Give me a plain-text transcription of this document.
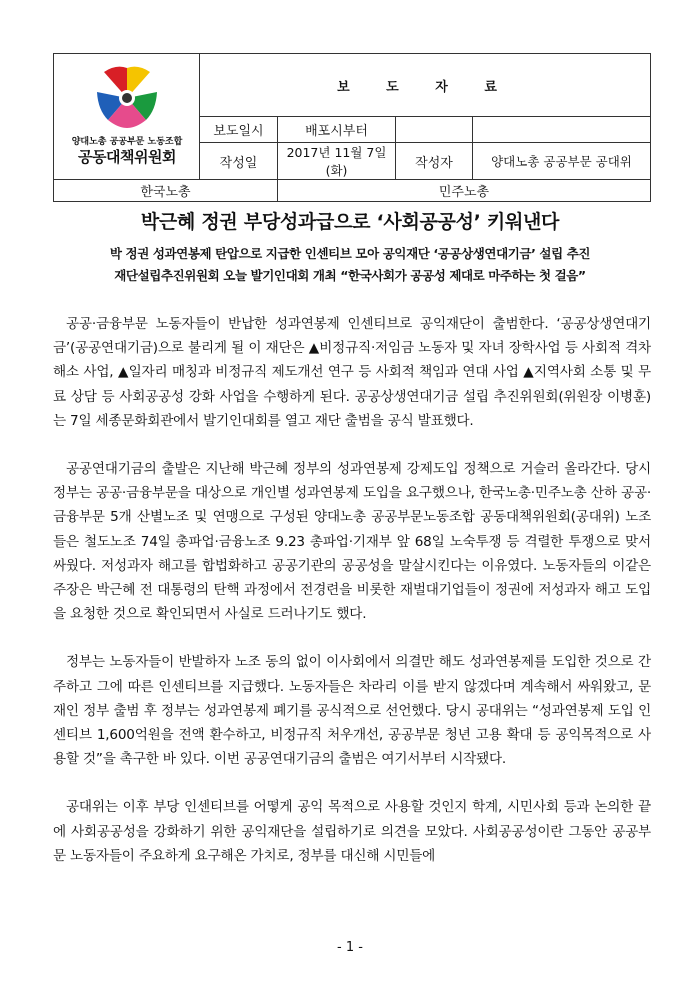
양대노총 공공부문 노동조합
공동대책위원회	보 도 자 료			
	보도일시	배포시부터		
	작성일	2017년 11월 7일(화)	작성자	양대노총 공공부문 공대위
한국노총		민주노총		
박근혜 정권 부당성과급으로 ‘사회공공성’ 키워낸다
박 정권 성과연봉제 탄압으로 지급한 인센티브 모아 공익재단 ‘공공상생연대기금’ 설립 추진
재단설립추진위원회 오늘 발기인대회 개최 “한국사회가 공공성 제대로 마주하는 첫 걸음”

공공·금융부문 노동자들이 반납한 성과연봉제 인센티브로 공익재단이 출범한다. ‘공공상생연대기금’(공공연대기금)으로 불리게 될 이 재단은 ▲비정규직·저임금 노동자 및 자녀 장학사업 등 사회적 격차 해소 사업, ▲일자리 매칭과 비정규직 제도개선 연구 등 사회적 책임과 연대 사업 ▲지역사회 소통 및 무료 상담 등 사회공공성 강화 사업을 수행하게 된다. 공공상생연대기금 설립 추진위원회(위원장 이병훈)는 7일 세종문화회관에서 발기인대회를 열고 재단 출범을 공식 발표했다.

공공연대기금의 출발은 지난해 박근혜 정부의 성과연봉제 강제도입 정책으로 거슬러 올라간다. 당시 정부는 공공·금융부문을 대상으로 개인별 성과연봉제 도입을 요구했으나, 한국노총·민주노총 산하 공공·금융부문 5개 산별노조 및 연맹으로 구성된 양대노총 공공부문노동조합 공동대책위원회(공대위) 노조들은 철도노조 74일 총파업·금융노조 9.23 총파업·기재부 앞 68일 노숙투쟁 등 격렬한 투쟁으로 맞서 싸웠다. 저성과자 해고를 합법화하고 공공기관의 공공성을 말살시킨다는 이유였다. 노동자들의 이같은 주장은 박근혜 전 대통령의 탄핵 과정에서 전경련을 비롯한 재벌대기업들이 정권에 저성과자 해고 도입을 요청한 것으로 확인되면서 사실로 드러나기도 했다.

정부는 노동자들이 반발하자 노조 동의 없이 이사회에서 의결만 해도 성과연봉제를 도입한 것으로 간주하고 그에 따른 인센티브를 지급했다. 노동자들은 차라리 이를 받지 않겠다며 계속해서 싸워왔고, 문재인 정부 출범 후 정부는 성과연봉제 폐기를 공식적으로 선언했다. 당시 공대위는 “성과연봉제 도입 인센티브 1,600억원을 전액 환수하고, 비정규직 처우개선, 공공부문 청년 고용 확대 등 공익목적으로 사용할 것”을 촉구한 바 있다. 이번 공공연대기금의 출범은 여기서부터 시작됐다.

공대위는 이후 부당 인센티브를 어떻게 공익 목적으로 사용할 것인지 학계, 시민사회 등과 논의한 끝에 사회공공성을 강화하기 위한 공익재단을 설립하기로 의견을 모았다. 사회공공성이란 그동안 공공부문 노동자들이 주요하게 요구해온 가치로, 정부를 대신해 시민들에

- 1 -
